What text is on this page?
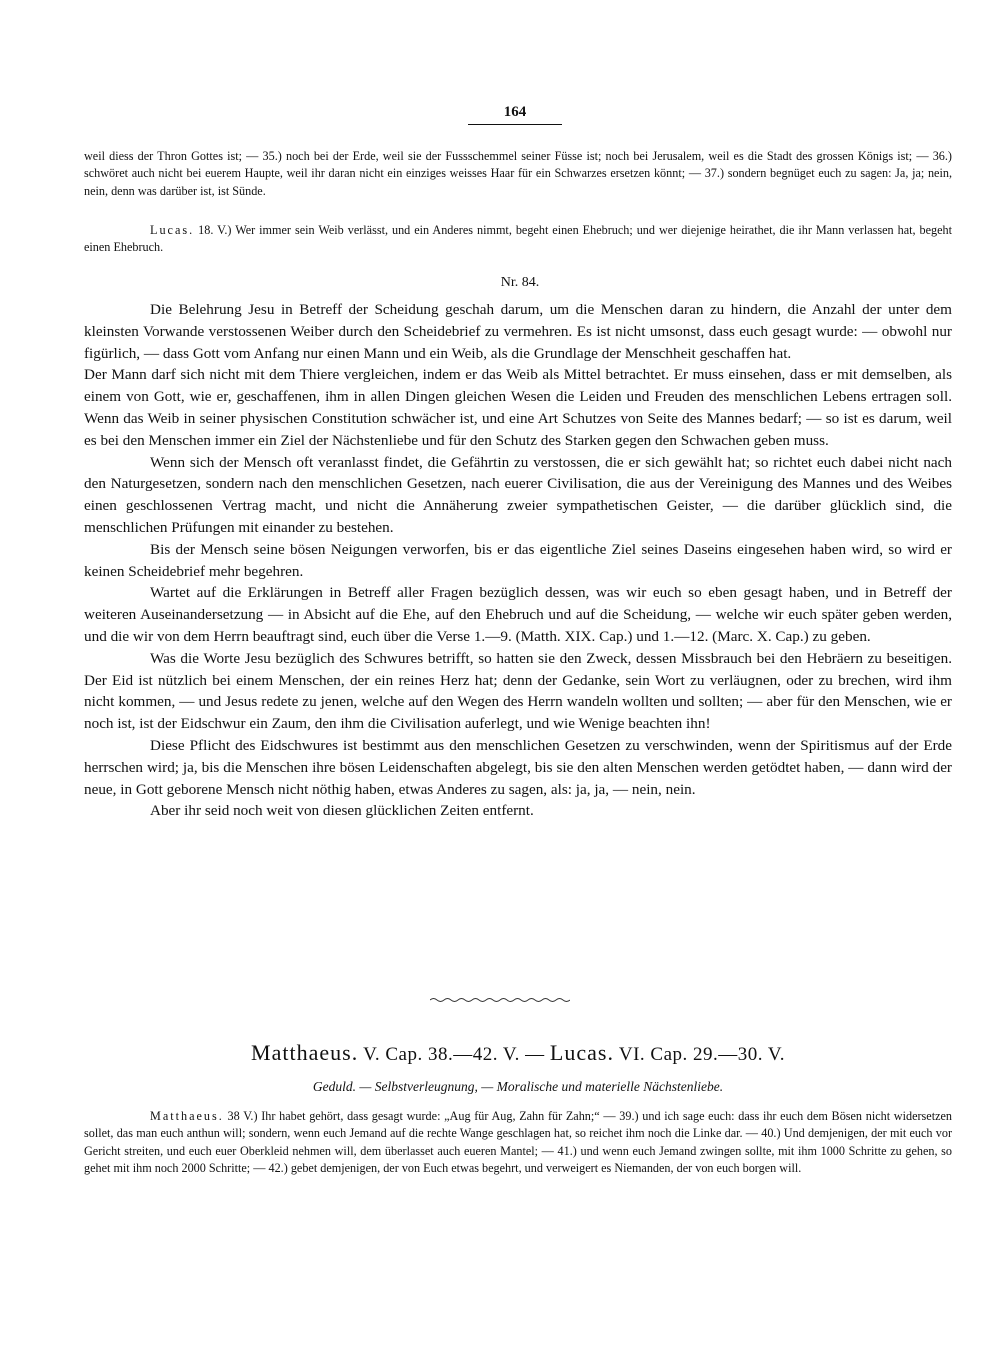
164
weil diess der Thron Gottes ist; — 35.) noch bei der Erde, weil sie der Fussschemmel seiner Füsse ist; noch bei Jerusalem, weil es die Stadt des grossen Königs ist; — 36.) schwöret auch nicht bei euerem Haupte, weil ihr daran nicht ein einziges weisses Haar für ein Schwarzes ersetzen könnt; — 37.) sondern begnüget euch zu sagen: Ja, ja; nein, nein, denn was darüber ist, ist Sünde.
Lucas. 18. V.) Wer immer sein Weib verlässt, und ein Anderes nimmt, begeht einen Ehebruch; und wer diejenige heirathet, die ihr Mann verlassen hat, begeht einen Ehebruch.
Nr. 84.

Die Belehrung Jesu in Betreff der Scheidung geschah darum, um die Menschen daran zu hindern, die Anzahl der unter dem kleinsten Vorwande verstossenen Weiber durch den Scheidebrief zu vermehren. Es ist nicht umsonst, dass euch gesagt wurde: — obwohl nur figürlich, — dass Gott vom Anfang nur einen Mann und ein Weib, als die Grundlage der Menschheit geschaffen hat.

Der Mann darf sich nicht mit dem Thiere vergleichen, indem er das Weib als Mittel betrachtet. Er muss einsehen, dass er mit demselben, als einem von Gott, wie er, geschaffenen, ihm in allen Dingen gleichen Wesen die Leiden und Freuden des menschlichen Lebens ertragen soll. Wenn das Weib in seiner physischen Constitution schwächer ist, und eine Art Schutzes von Seite des Mannes bedarf; — so ist es darum, weil es bei den Menschen immer ein Ziel der Nächstenliebe und für den Schutz des Starken gegen den Schwachen geben muss.

Wenn sich der Mensch oft veranlasst findet, die Gefährtin zu verstossen, die er sich gewählt hat; so richtet euch dabei nicht nach den Naturgesetzen, sondern nach den menschlichen Gesetzen, nach euerer Civilisation, die aus der Vereinigung des Mannes und des Weibes einen geschlossenen Vertrag macht, und nicht die Annäherung zweier sympathetischen Geister, — die darüber glücklich sind, die menschlichen Prüfungen mit einander zu bestehen.

Bis der Mensch seine bösen Neigungen verworfen, bis er das eigentliche Ziel seines Daseins eingesehen haben wird, so wird er keinen Scheidebrief mehr begehren.

Wartet auf die Erklärungen in Betreff aller Fragen bezüglich dessen, was wir euch so eben gesagt haben, und in Betreff der weiteren Auseinandersetzung — in Absicht auf die Ehe, auf den Ehebruch und auf die Scheidung, — welche wir euch später geben werden, und die wir von dem Herrn beauftragt sind, euch über die Verse 1.—9. (Matth. XIX. Cap.) und 1.—12. (Marc. X. Cap.) zu geben.

Was die Worte Jesu bezüglich des Schwures betrifft, so hatten sie den Zweck, dessen Missbrauch bei den Hebräern zu beseitigen. Der Eid ist nützlich bei einem Menschen, der ein reines Herz hat; denn der Gedanke, sein Wort zu verläugnen, oder zu brechen, wird ihm nicht kommen, — und Jesus redete zu jenen, welche auf den Wegen des Herrn wandeln wollten und sollten; — aber für den Menschen, wie er noch ist, ist der Eidschwur ein Zaum, den ihm die Civilisation auferlegt, und wie Wenige beachten ihn!

Diese Pflicht des Eidschwures ist bestimmt aus den menschlichen Gesetzen zu verschwinden, wenn der Spiritismus auf der Erde herrschen wird; ja, bis die Menschen ihre bösen Leidenschaften abgelegt, bis sie den alten Menschen werden getödtet haben, — dann wird der neue, in Gott geborene Mensch nicht nöthig haben, etwas Anderes zu sagen, als: ja, ja, — nein, nein.

Aber ihr seid noch weit von diesen glücklichen Zeiten entfernt.

Matthaeus. V. Cap. 38.—42. V. — Lucas. VI. Cap. 29.—30. V.
Geduld. — Selbstverleugnung, — Moralische und materielle Nächstenliebe.
Matthaeus. 38 V.) Ihr habet gehört, dass gesagt wurde: „Aug für Aug, Zahn für Zahn;“ — 39.) und ich sage euch: dass ihr euch dem Bösen nicht widersetzen sollet, das man euch anthun will; sondern, wenn euch Jemand auf die rechte Wange geschlagen hat, so reichet ihm noch die Linke dar. — 40.) Und demjenigen, der mit euch vor Gericht streiten, und euch euer Oberkleid nehmen will, dem überlasset auch eueren Mantel; — 41.) und wenn euch Jemand zwingen sollte, mit ihm 1000 Schritte zu gehen, so gehet mit ihm noch 2000 Schritte; — 42.) gebet demjenigen, der von Euch etwas begehrt, und verweigert es Niemanden, der von euch borgen will.
